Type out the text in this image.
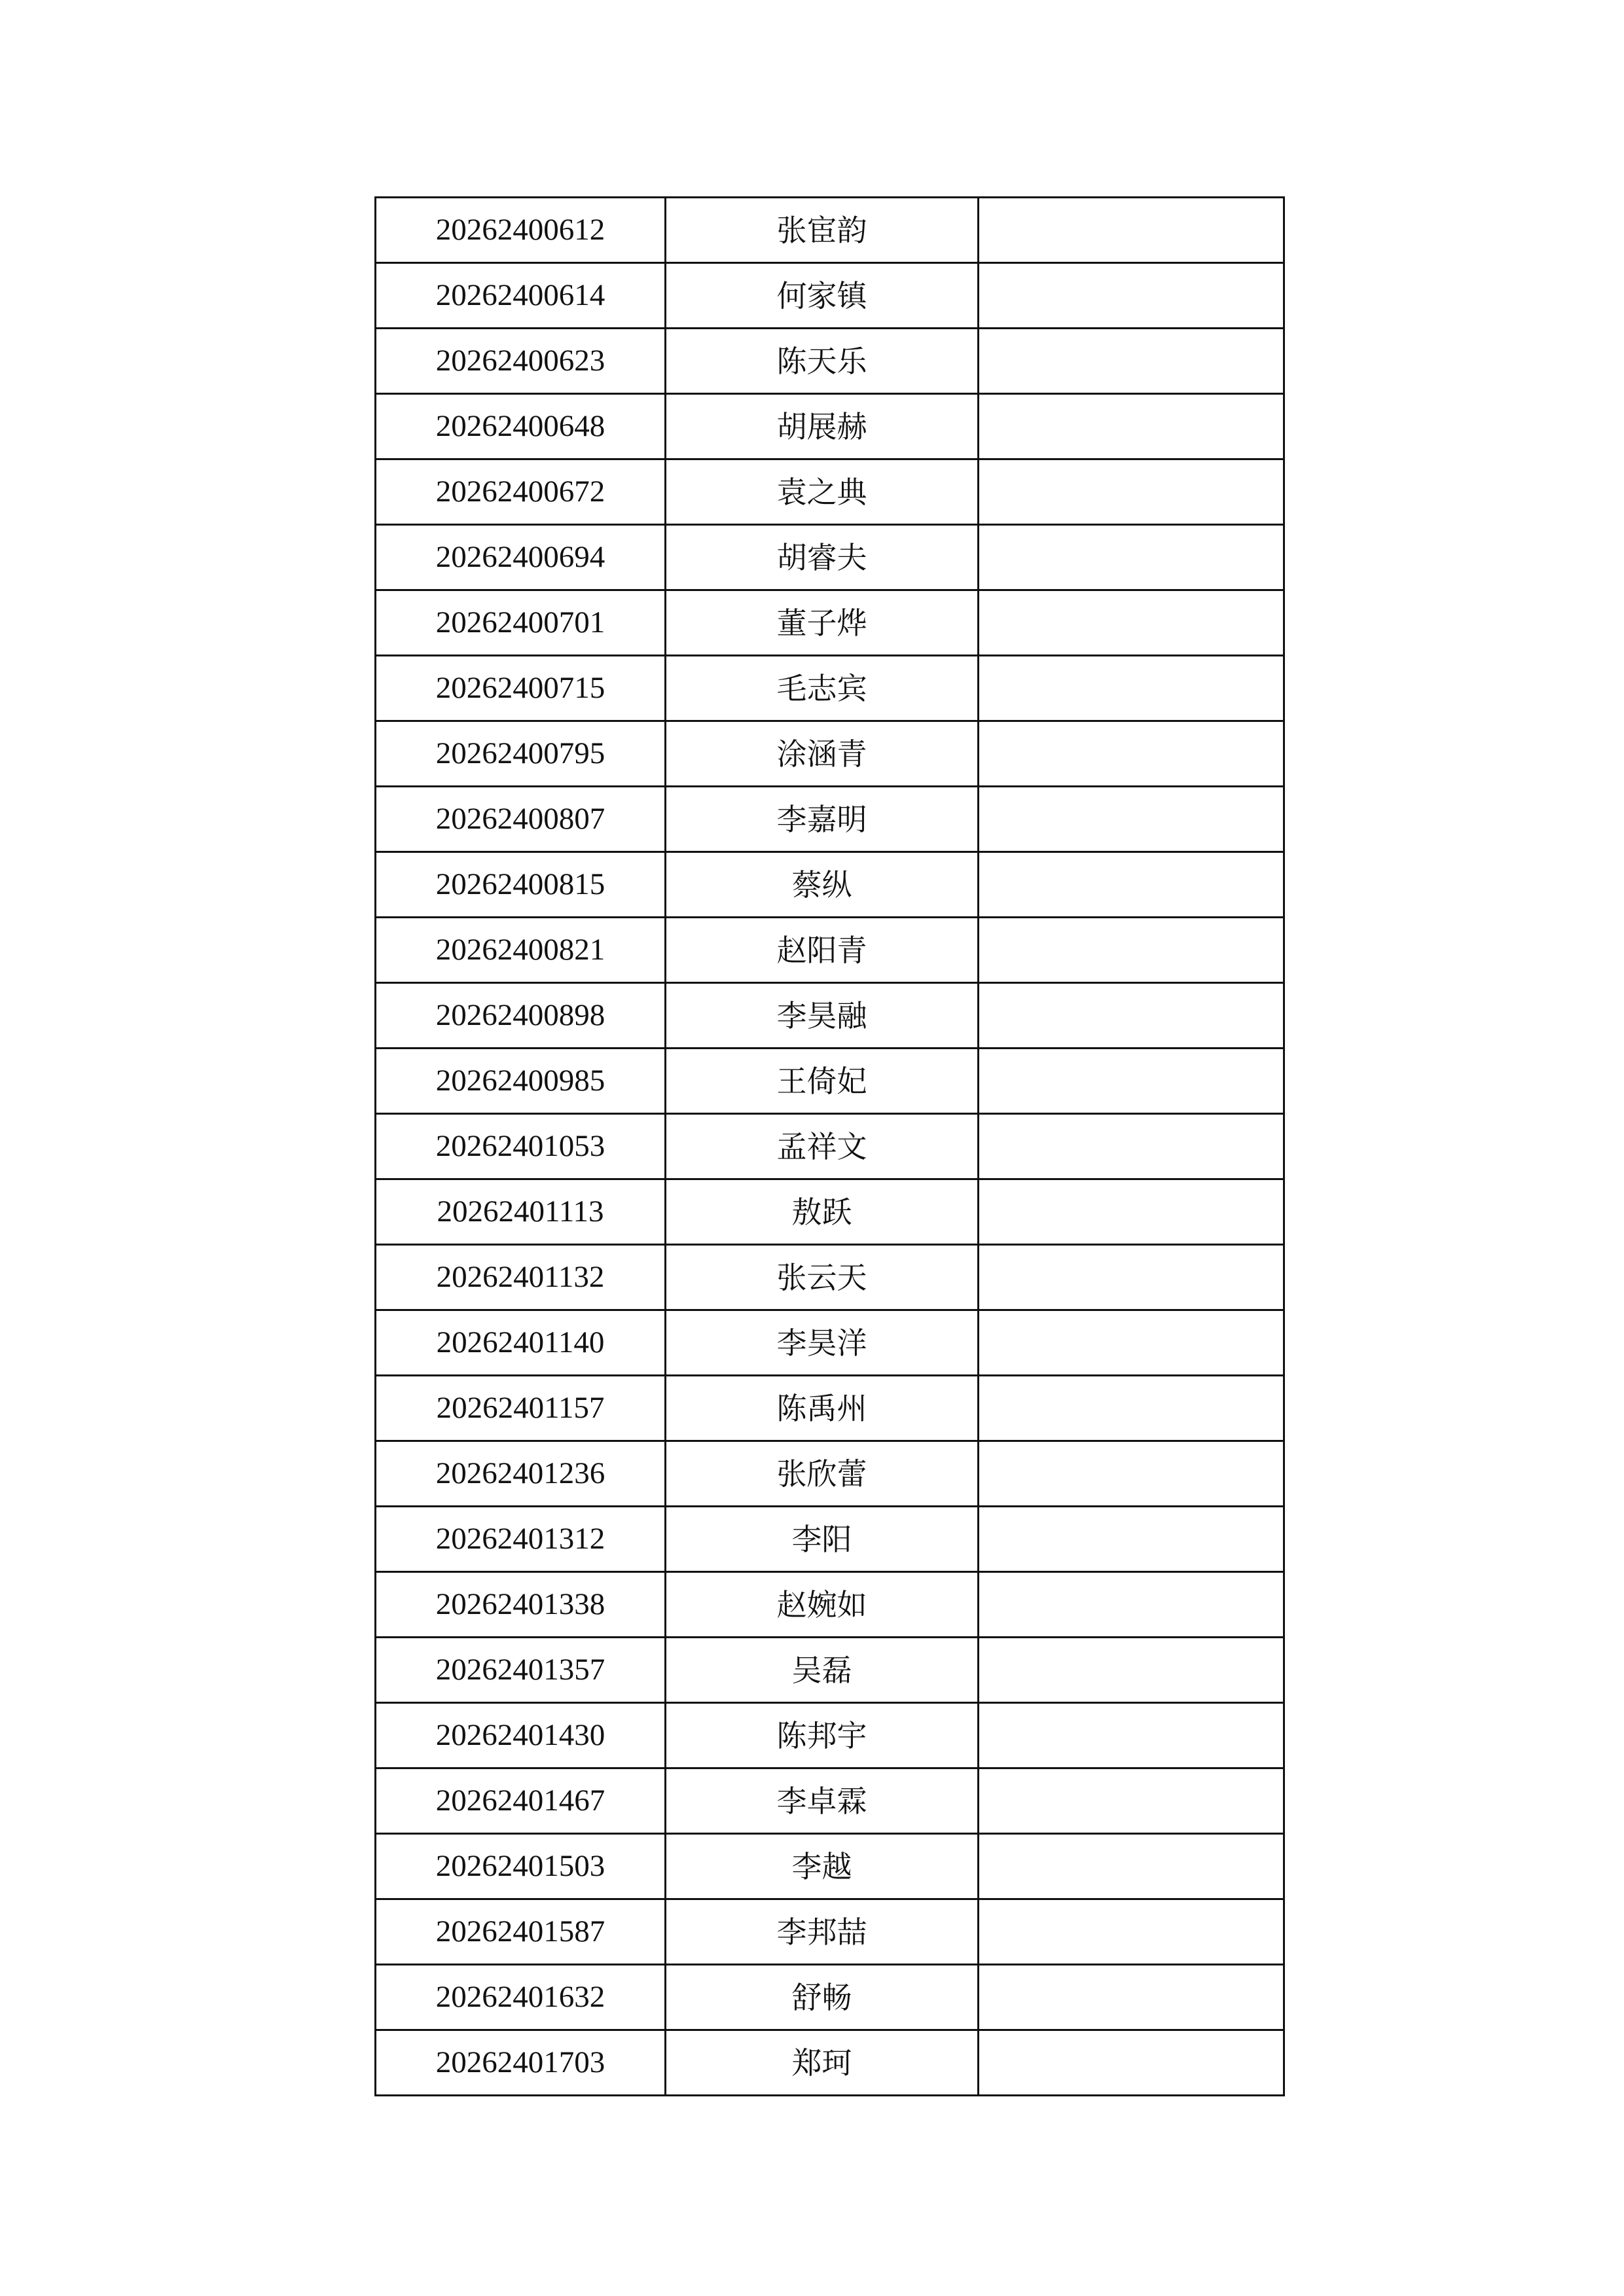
20262400612	张宦韵	
20262400614	何家镇	
20262400623	陈天乐	
20262400648	胡展赫	
20262400672	袁之典	
20262400694	胡睿夫	
20262400701	董子烨	
20262400715	毛志宾	
20262400795	涂涵青	
20262400807	李嘉明	
20262400815	蔡纵	
20262400821	赵阳青	
20262400898	李昊融	
20262400985	王倚妃	
20262401053	孟祥文	
20262401113	敖跃	
20262401132	张云天	
20262401140	李昊洋	
20262401157	陈禹州	
20262401236	张欣蕾	
20262401312	李阳	
20262401338	赵婉如	
20262401357	吴磊	
20262401430	陈邦宇	
20262401467	李卓霖	
20262401503	李越	
20262401587	李邦喆	
20262401632	舒畅	
20262401703	郑珂	
